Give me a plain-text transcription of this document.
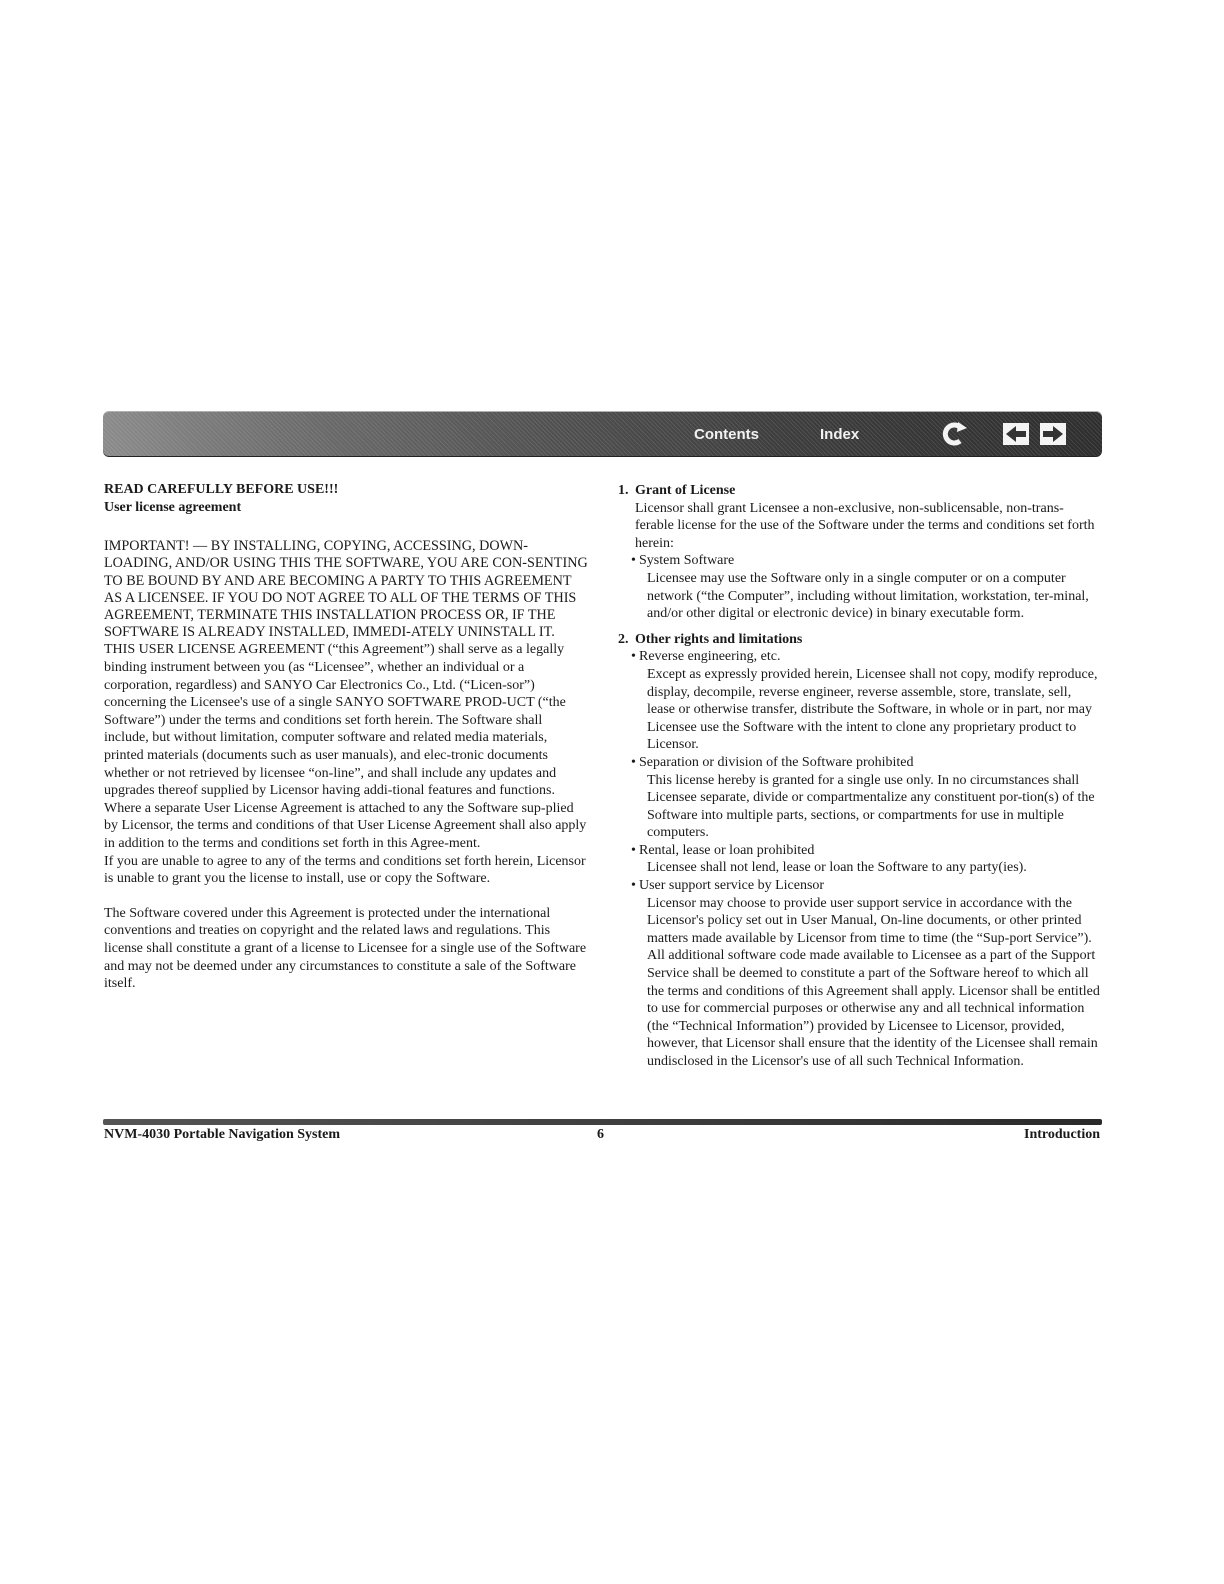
Contents	Index

READ CAREFULLY BEFORE USE!!!

User license agreement

IMPORTANT! — BY INSTALLING, COPYING, ACCESSING, DOWN-LOADING, AND/OR USING THIS THE SOFTWARE, YOU ARE CON-SENTING TO BE BOUND BY AND ARE BECOMING A PARTY TO THIS AGREEMENT AS A LICENSEE. IF YOU DO NOT AGREE TO ALL OF THE TERMS OF THIS AGREEMENT, TERMINATE THIS INSTALLATION PROCESS OR, IF THE SOFTWARE IS ALREADY INSTALLED, IMMEDI-ATELY UNINSTALL IT.

THIS USER LICENSE AGREEMENT (“this Agreement”) shall serve as a legally binding instrument between you (as “Licensee”, whether an individual or a corporation, regardless) and SANYO Car Electronics Co., Ltd. (“Licen-sor”) concerning the Licensee's use of a single SANYO SOFTWARE PROD-UCT (“the Software”) under the terms and conditions set forth herein. The Software shall include, but without limitation, computer software and related media materials, printed materials (documents such as user manuals), and elec-tronic documents whether or not retrieved by licensee “on-line”, and shall include any updates and upgrades thereof supplied by Licensor having addi-tional features and functions.

Where a separate User License Agreement is attached to any the Software sup-plied by Licensor, the terms and conditions of that User License Agreement shall also apply in addition to the terms and conditions set forth in this Agree-ment.

If you are unable to agree to any of the terms and conditions set forth herein, Licensor is unable to grant you the license to install, use or copy the Software.

The Software covered under this Agreement is protected under the international conventions and treaties on copyright and the related laws and regulations. This license shall constitute a grant of a license to Licensee for a single use of the Software and may not be deemed under any circumstances to constitute a sale of the Software itself.

1. Grant of License

Licensor shall grant Licensee a non-exclusive, non-sublicensable, non-trans-ferable license for the use of the Software under the terms and conditions set forth herein:

• System Software

Licensee may use the Software only in a single computer or on a computer network (“the Computer”, including without limitation, workstation, ter-minal, and/or other digital or electronic device) in binary executable form.

2. Other rights and limitations

• Reverse engineering, etc.

Except as expressly provided herein, Licensee shall not copy, modify reproduce, display, decompile, reverse engineer, reverse assemble, store, translate, sell, lease or otherwise transfer, distribute the Software, in whole or in part, nor may Licensee use the Software with the intent to clone any proprietary product to Licensor.

• Separation or division of the Software prohibited

This license hereby is granted for a single use only. In no circumstances shall Licensee separate, divide or compartmentalize any constituent por-tion(s) of the Software into multiple parts, sections, or compartments for use in multiple computers.

• Rental, lease or loan prohibited

Licensee shall not lend, lease or loan the Software to any party(ies).

• User support service by Licensor

Licensor may choose to provide user support service in accordance with the Licensor's policy set out in User Manual, On-line documents, or other printed matters made available by Licensor from time to time (the “Sup-port Service”). All additional software code made available to Licensee as a part of the Support Service shall be deemed to constitute a part of the Software hereof to which all the terms and conditions of this Agreement shall apply. Licensor shall be entitled to use for commercial purposes or otherwise any and all technical information (the “Technical Information”) provided by Licensee to Licensor, provided, however, that Licensor shall ensure that the identity of the Licensee shall remain undisclosed in the Licensor's use of all such Technical Information.

NVM-4030 Portable Navigation System	6	Introduction
